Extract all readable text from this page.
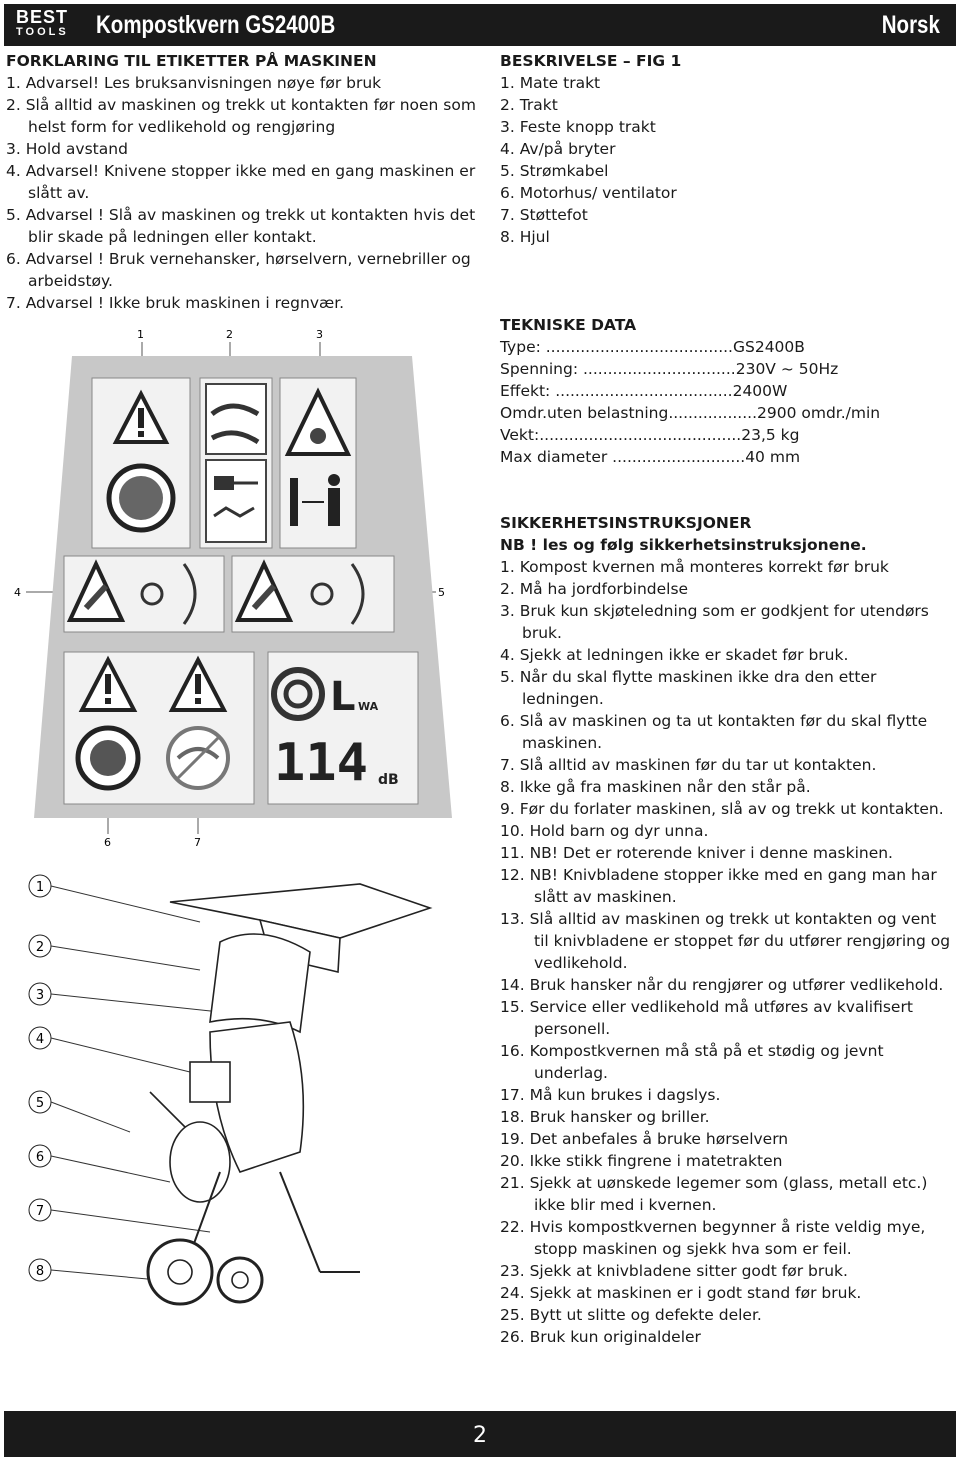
BEST
TOOLS	Kompostkvern GS2400B	Norsk
FORKLARING TIL ETIKETTER PÅ MASKINEN
1. Advarsel! Les bruksanvisningen nøye før bruk
2. Slå alltid av maskinen og trekk ut kontakten før noen som helst form for vedlikehold og rengjøring
3. Hold avstand
4. Advarsel! Knivene stopper ikke med en gang maskinen er slått av.
5. Advarsel ! Slå av maskinen og trekk ut kontakten hvis det blir skade på ledningen eller kontakt.
6. Advarsel ! Bruk vernehansker, hørselvern, vernebriller og arbeidstøy.
7. Advarsel ! Ikke bruk maskinen i regnvær.
1	2	3
4	5
6	7
L WA
114 dB
1
2
3
4
5
6
7
8
BESKRIVELSE – FIG 1
1. Mate trakt
2. Trakt
3. Feste knopp trakt
4. Av/på bryter
5. Strømkabel
6. Motorhus/ ventilator
7. Støttefot
8. Hjul
TEKNISKE DATA
Type: ......................................GS2400B
Spenning: ...............................230V ~ 50Hz
Effekt: ....................................2400W
Omdr.uten belastning..................2900 omdr./min
Vekt:.........................................23,5 kg
Max diameter ...........................40 mm
SIKKERHETSINSTRUKSJONER
NB ! les og følg sikkerhetsinstruksjonene.
1. Kompost kvernen må monteres korrekt før bruk
2. Må ha jordforbindelse
3. Bruk kun skjøteledning som er godkjent for utendørs bruk.
4. Sjekk at ledningen ikke er skadet før bruk.
5. Når du skal flytte maskinen ikke dra den etter ledningen.
6. Slå av maskinen og ta ut kontakten før du skal flytte maskinen.
7. Slå alltid av maskinen før du tar ut kontakten.
8. Ikke gå fra maskinen når den står på.
9. Før du forlater maskinen, slå av og trekk ut kontakten.
10. Hold barn og dyr unna.
11. NB! Det er roterende kniver i denne maskinen.
12. NB! Knivbladene stopper ikke med en gang man har slått av maskinen.
13. Slå alltid av maskinen og trekk ut kontakten og vent til knivbladene er stoppet før du utfører rengjøring og vedlikehold.
14. Bruk hansker når du rengjører og utfører vedlikehold.
15. Service eller vedlikehold må utføres av kvalifisert personell.
16. Kompostkvernen må stå på et stødig og jevnt underlag.
17. Må kun brukes i dagslys.
18. Bruk hansker og briller.
19. Det anbefales å bruke hørselvern
20. Ikke stikk fingrene i matetrakten
21. Sjekk at uønskede legemer som (glass, metall etc.) ikke blir med i kvernen.
22. Hvis kompostkvernen begynner å riste veldig mye, stopp maskinen og sjekk hva som er feil.
23. Sjekk at knivbladene sitter godt før bruk.
24. Sjekk at maskinen er i godt stand før bruk.
25. Bytt ut slitte og defekte deler.
26. Bruk kun originaldeler
2
